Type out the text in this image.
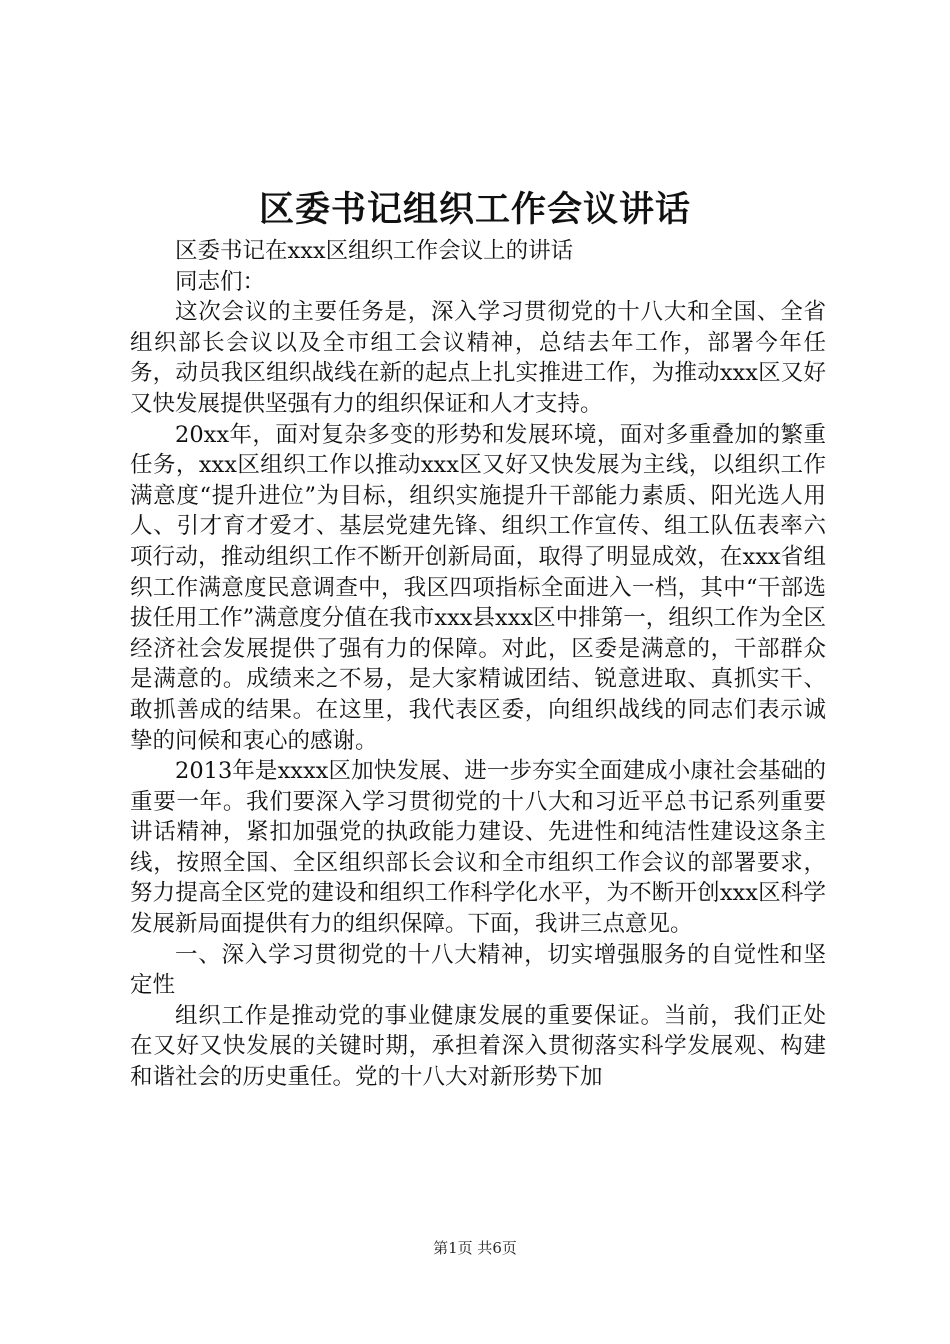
区委书记组织工作会议讲话

区委书记在xxx区组织工作会议上的讲话

同志们：

这次会议的主要任务是，深入学习贯彻党的十八大和全国、全省组织部长会议以及全市组工会议精神，总结去年工作，部署今年任务，动员我区组织战线在新的起点上扎实推进工作，为推动xxx区又好又快发展提供坚强有力的组织保证和人才支持。

20xx年，面对复杂多变的形势和发展环境，面对多重叠加的繁重任务，xxx区组织工作以推动xxx区又好又快发展为主线，以组织工作满意度“提升进位”为目标，组织实施提升干部能力素质、阳光选人用人、引才育才爱才、基层党建先锋、组织工作宣传、组工队伍表率六项行动，推动组织工作不断开创新局面，取得了明显成效，在xxx省组织工作满意度民意调查中，我区四项指标全面进入一档，其中“干部选拔任用工作”满意度分值在我市xxx县xxx区中排第一，组织工作为全区经济社会发展提供了强有力的保障。对此，区委是满意的，干部群众是满意的。成绩来之不易，是大家精诚团结、锐意进取、真抓实干、敢抓善成的结果。在这里，我代表区委，向组织战线的同志们表示诚挚的问候和衷心的感谢。

2013年是xxxx区加快发展、进一步夯实全面建成小康社会基础的重要一年。我们要深入学习贯彻党的十八大和习近平总书记系列重要讲话精神，紧扣加强党的执政能力建设、先进性和纯洁性建设这条主线，按照全国、全区组织部长会议和全市组织工作会议的部署要求，努力提高全区党的建设和组织工作科学化水平，为不断开创xxx区科学发展新局面提供有力的组织保障。下面，我讲三点意见。

一、深入学习贯彻党的十八大精神，切实增强服务的自觉性和坚定性

组织工作是推动党的事业健康发展的重要保证。当前，我们正处在又好又快发展的关键时期，承担着深入贯彻落实科学发展观、构建和谐社会的历史重任。党的十八大对新形势下加

第1页 共6页
